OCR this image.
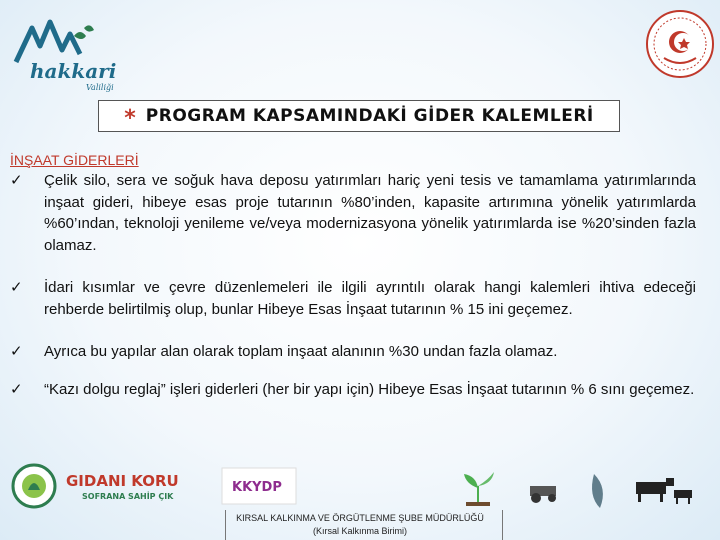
hakkari
Valiliği
* PROGRAM KAPSAMINDAKİ GİDER KALEMLERİ
İNŞAAT GİDERLERİ
✓ Çelik silo, sera ve soğuk hava deposu yatırımları hariç yeni tesis ve tamamlama yatırımlarında inşaat gideri, hibeye esas proje tutarının %80’inden, kapasite artırımına yönelik yatırımlarda %60’ından, teknoloji yenileme ve/veya modernizasyona yönelik yatırımlarda ise %20’sinden fazla olamaz.
✓ İdari kısımlar ve çevre düzenlemeleri ile ilgili ayrıntılı olarak hangi kalemleri ihtiva edeceği rehberde belirtilmiş olup, bunlar Hibeye Esas İnşaat tutarının % 15 ini geçemez.
✓ Ayrıca bu yapılar alan olarak toplam inşaat alanının %30 undan fazla olamaz.
✓ “Kazı dolgu reglaj” işleri giderleri (her bir yapı için) Hibeye Esas İnşaat tutarının % 6 sını geçemez.
GIDANI KORU
SOFRANA SAHİP ÇIK
KKYDP
KIRSAL KALKINMA VE ÖRGÜTLENME ŞUBE MÜDÜRLÜĞÜ
(Kırsal Kalkınma Birimi)
